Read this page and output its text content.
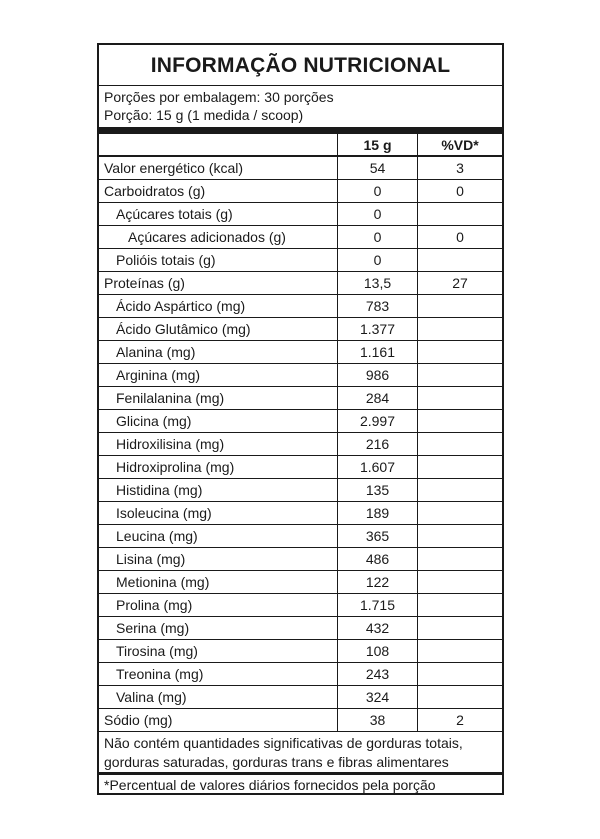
INFORMAÇÃO NUTRICIONAL
Porções por embalagem: 30 porções
Porção: 15 g (1 medida / scoop)
	15 g	%VD*
Valor energético (kcal)	54	3
Carboidratos (g)	0	0
Açúcares totais (g)	0	
Açúcares adicionados (g)	0	0
Polióis totais (g)	0	
Proteínas (g)	13,5	27
Ácido Aspártico (mg)	783	
Ácido Glutâmico (mg)	1.377	
Alanina (mg)	1.161	
Arginina (mg)	986	
Fenilalanina (mg)	284	
Glicina (mg)	2.997	
Hidroxilisina (mg)	216	
Hidroxiprolina (mg)	1.607	
Histidina (mg)	135	
Isoleucina (mg)	189	
Leucina (mg)	365	
Lisina (mg)	486	
Metionina (mg)	122	
Prolina (mg)	1.715	
Serina (mg)	432	
Tirosina (mg)	108	
Treonina (mg)	243	
Valina (mg)	324	
Sódio (mg)	38	2
Não contém quantidades significativas de gorduras totais, gorduras saturadas, gorduras trans e fibras alimentares
*Percentual de valores diários fornecidos pela porção
